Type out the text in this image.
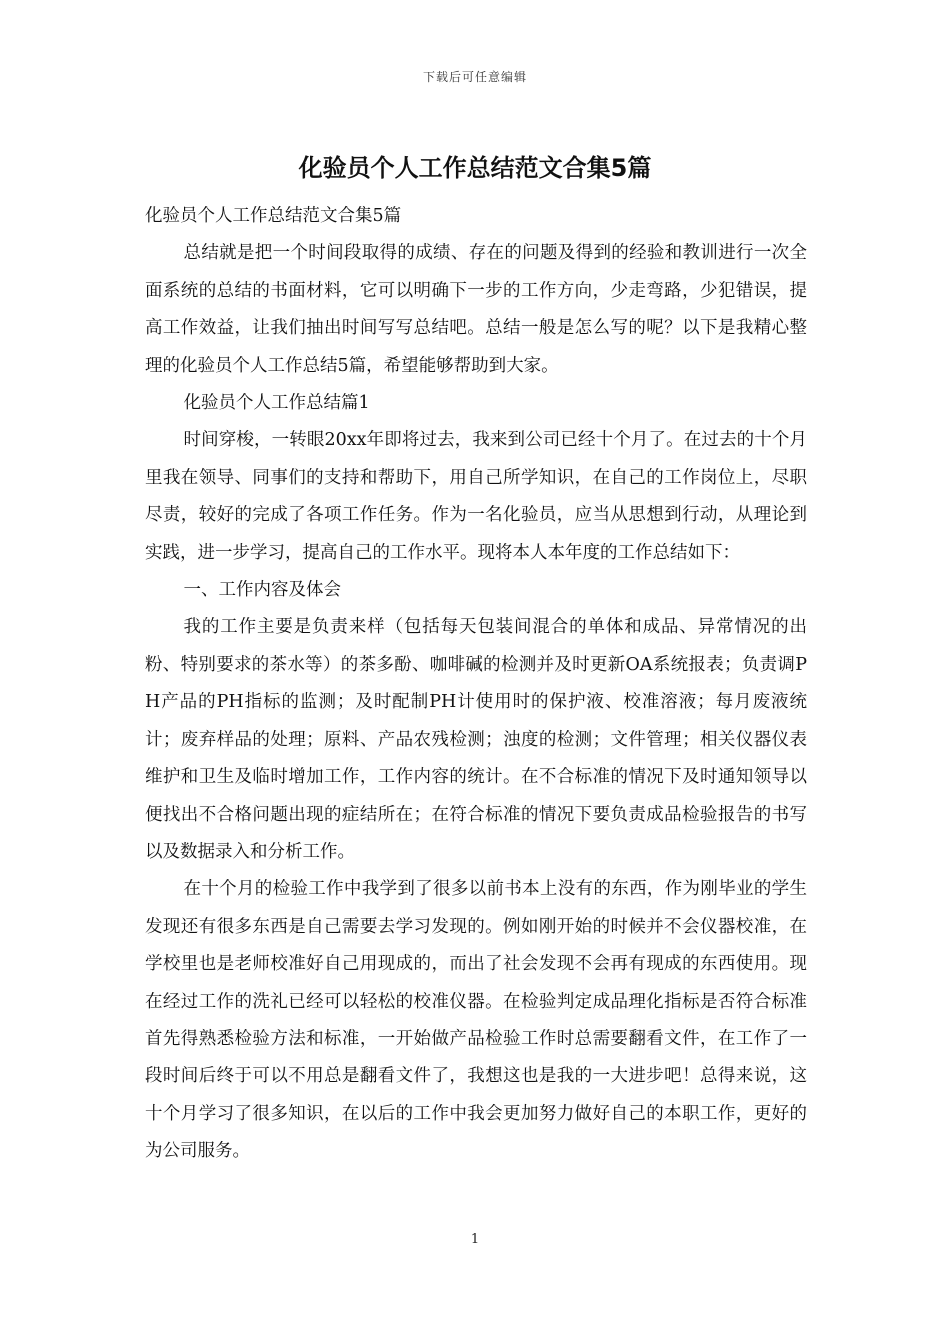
下载后可任意编辑
化验员个人工作总结范文合集5篇

化验员个人工作总结范文合集5篇

总结就是把一个时间段取得的成绩、存在的问题及得到的经验和教训进行一次全面系统的总结的书面材料，它可以明确下一步的工作方向，少走弯路，少犯错误，提高工作效益，让我们抽出时间写写总结吧。总结一般是怎么写的呢？以下是我精心整理的化验员个人工作总结5篇，希望能够帮助到大家。

化验员个人工作总结篇1

时间穿梭，一转眼20xx年即将过去，我来到公司已经十个月了。在过去的十个月里我在领导、同事们的支持和帮助下，用自己所学知识，在自己的工作岗位上，尽职尽责，较好的完成了各项工作任务。作为一名化验员，应当从思想到行动，从理论到实践，进一步学习，提高自己的工作水平。现将本人本年度的工作总结如下：

一、工作内容及体会

我的工作主要是负责来样（包括每天包装间混合的单体和成品、异常情况的出粉、特别要求的茶水等）的茶多酚、咖啡碱的检测并及时更新OA系统报表；负责调PH产品的PH指标的监测；及时配制PH计使用时的保护液、校准溶液；每月废液统计；废弃样品的处理；原料、产品农残检测；浊度的检测；文件管理；相关仪器仪表维护和卫生及临时增加工作，工作内容的统计。在不合标准的情况下及时通知领导以便找出不合格问题出现的症结所在；在符合标准的情况下要负责成品检验报告的书写以及数据录入和分析工作。

在十个月的检验工作中我学到了很多以前书本上没有的东西，作为刚毕业的学生发现还有很多东西是自己需要去学习发现的。例如刚开始的时候并不会仪器校准，在学校里也是老师校准好自己用现成的，而出了社会发现不会再有现成的东西使用。现在经过工作的洗礼已经可以轻松的校准仪器。在检验判定成品理化指标是否符合标准首先得熟悉检验方法和标准，一开始做产品检验工作时总需要翻看文件，在工作了一段时间后终于可以不用总是翻看文件了，我想这也是我的一大进步吧！总得来说，这十个月学习了很多知识，在以后的工作中我会更加努力做好自己的本职工作，更好的为公司服务。

1
